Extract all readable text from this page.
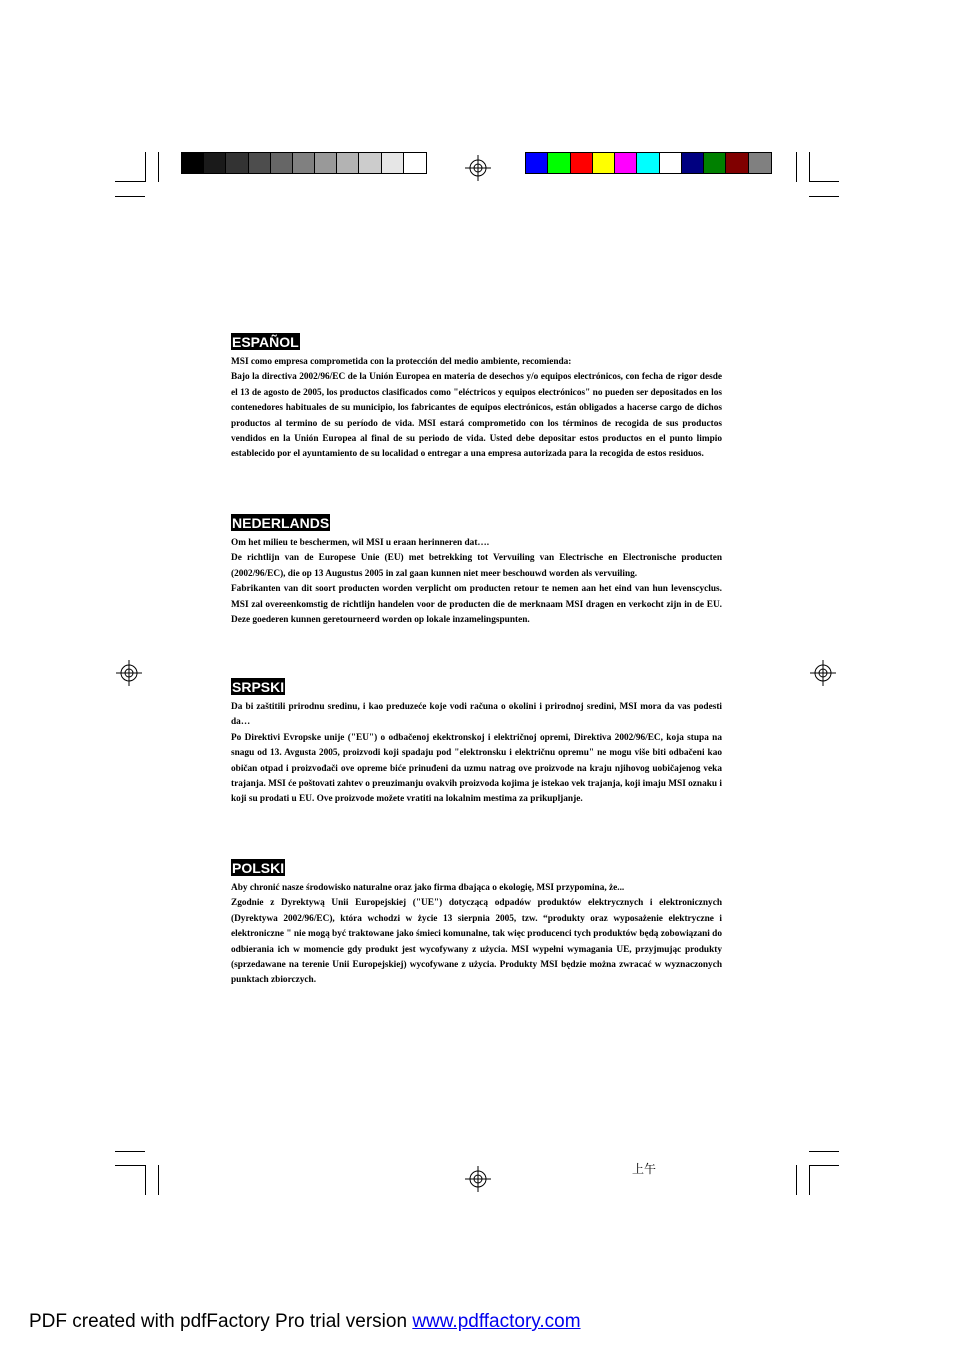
ESPAÑOL

MSI como empresa comprometida con la protección del medio ambiente, recomienda:

Bajo la directiva 2002/96/EC de la Unión Europea en materia de desechos y/o equipos electrónicos, con fecha de rigor desde el 13 de agosto de 2005, los productos clasificados como "eléctricos y equipos electrónicos" no pueden ser depositados en los contenedores habituales de su municipio, los fabricantes de equipos electrónicos, están obligados a hacerse cargo de dichos productos al termino de su período de vida. MSI estará comprometido con los términos de recogida de sus productos vendidos en la Unión Europea al final de su periodo de vida. Usted debe depositar estos productos en el punto limpio establecido por el ayuntamiento de su localidad o entregar a una empresa autorizada para la recogida de estos residuos.

NEDERLANDS

Om het milieu te beschermen, wil MSI u eraan herinneren dat….

De richtlijn van de Europese Unie (EU) met betrekking tot Vervuiling van Electrische en Electronische producten (2002/96/EC), die op 13 Augustus 2005 in zal gaan kunnen niet meer beschouwd worden als vervuiling.

Fabrikanten van dit soort producten worden verplicht om producten retour te nemen aan het eind van hun levenscyclus. MSI zal overeenkomstig de richtlijn handelen voor de producten die de merknaam MSI dragen en verkocht zijn in de EU. Deze goederen kunnen geretourneerd worden op lokale inzamelingspunten.

SRPSKI

Da bi zaštitili prirodnu sredinu, i kao preduzeće koje vodi računa o okolini i prirodnoj sredini, MSI mora da vas podesti da…

Po Direktivi Evropske unije ("EU") o odbačenoj ekektronskoj i električnoj opremi, Direktiva 2002/96/EC, koja stupa na snagu od 13. Avgusta 2005, proizvodi koji spadaju pod "elektronsku i električnu opremu" ne mogu više biti odbačeni kao običan otpad i proizvođači ove opreme biće prinuđeni da uzmu natrag ove proizvode na kraju njihovog uobičajenog veka trajanja. MSI će poštovati zahtev o preuzimanju ovakvih proizvoda kojima je istekao vek trajanja, koji imaju MSI oznaku i koji su prodati u EU. Ove proizvode možete vratiti na lokalnim mestima za prikupljanje.

POLSKI

Aby chronić nasze środowisko naturalne oraz jako firma dbająca o ekologię, MSI przypomina, że...

Zgodnie z Dyrektywą Unii Europejskiej ("UE") dotyczącą odpadów produktów elektrycznych i elektronicznych (Dyrektywa 2002/96/EC), która wchodzi w życie 13 sierpnia 2005, tzw. “produkty oraz wyposażenie elektryczne i elektroniczne " nie mogą być traktowane jako śmieci komunalne, tak więc producenci tych produktów będą zobowiązani do odbierania ich w momencie gdy produkt jest wycofywany z użycia. MSI wypełni wymagania UE, przyjmując produkty (sprzedawane na terenie Unii Europejskiej) wycofywane z użycia. Produkty MSI będzie można zwracać w wyznaczonych punktach zbiorczych.

上午
PDF created with pdfFactory Pro trial version www.pdffactory.com
